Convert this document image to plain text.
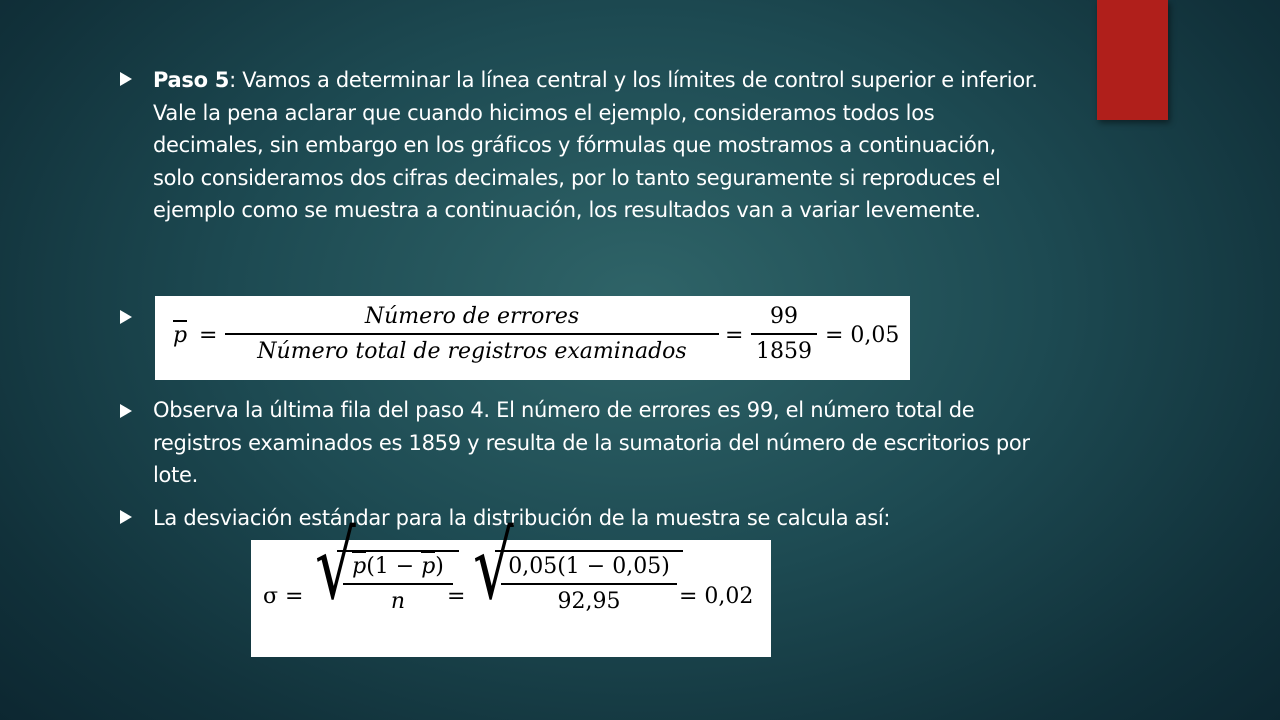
Paso 5: Vamos a determinar la línea central y los límites de control superior e inferior. Vale la pena aclarar que cuando hicimos el ejemplo, consideramos todos los decimales, sin embargo en los gráficos y fórmulas que mostramos a continuación, solo consideramos dos cifras decimales, por lo tanto seguramente si reproduces el ejemplo como se muestra a continuación, los resultados van a variar levemente.
$p = \frac{\text{Número de errores}}{\text{Número total de registros examinados}} = \frac{99}{1859} = 0,05$
Observa la última fila del paso 4. El número de errores es 99, el número total de registros examinados es 1859 y resulta de la sumatoria del número de escritorios por lote.
La desviación estándar para la distribución de la muestra se calcula así:
σ = √
$\frac{p(1 - p)}{n}$
= √
$\frac{0,05(1 - 0,05)}{92,95} = 0,02$
